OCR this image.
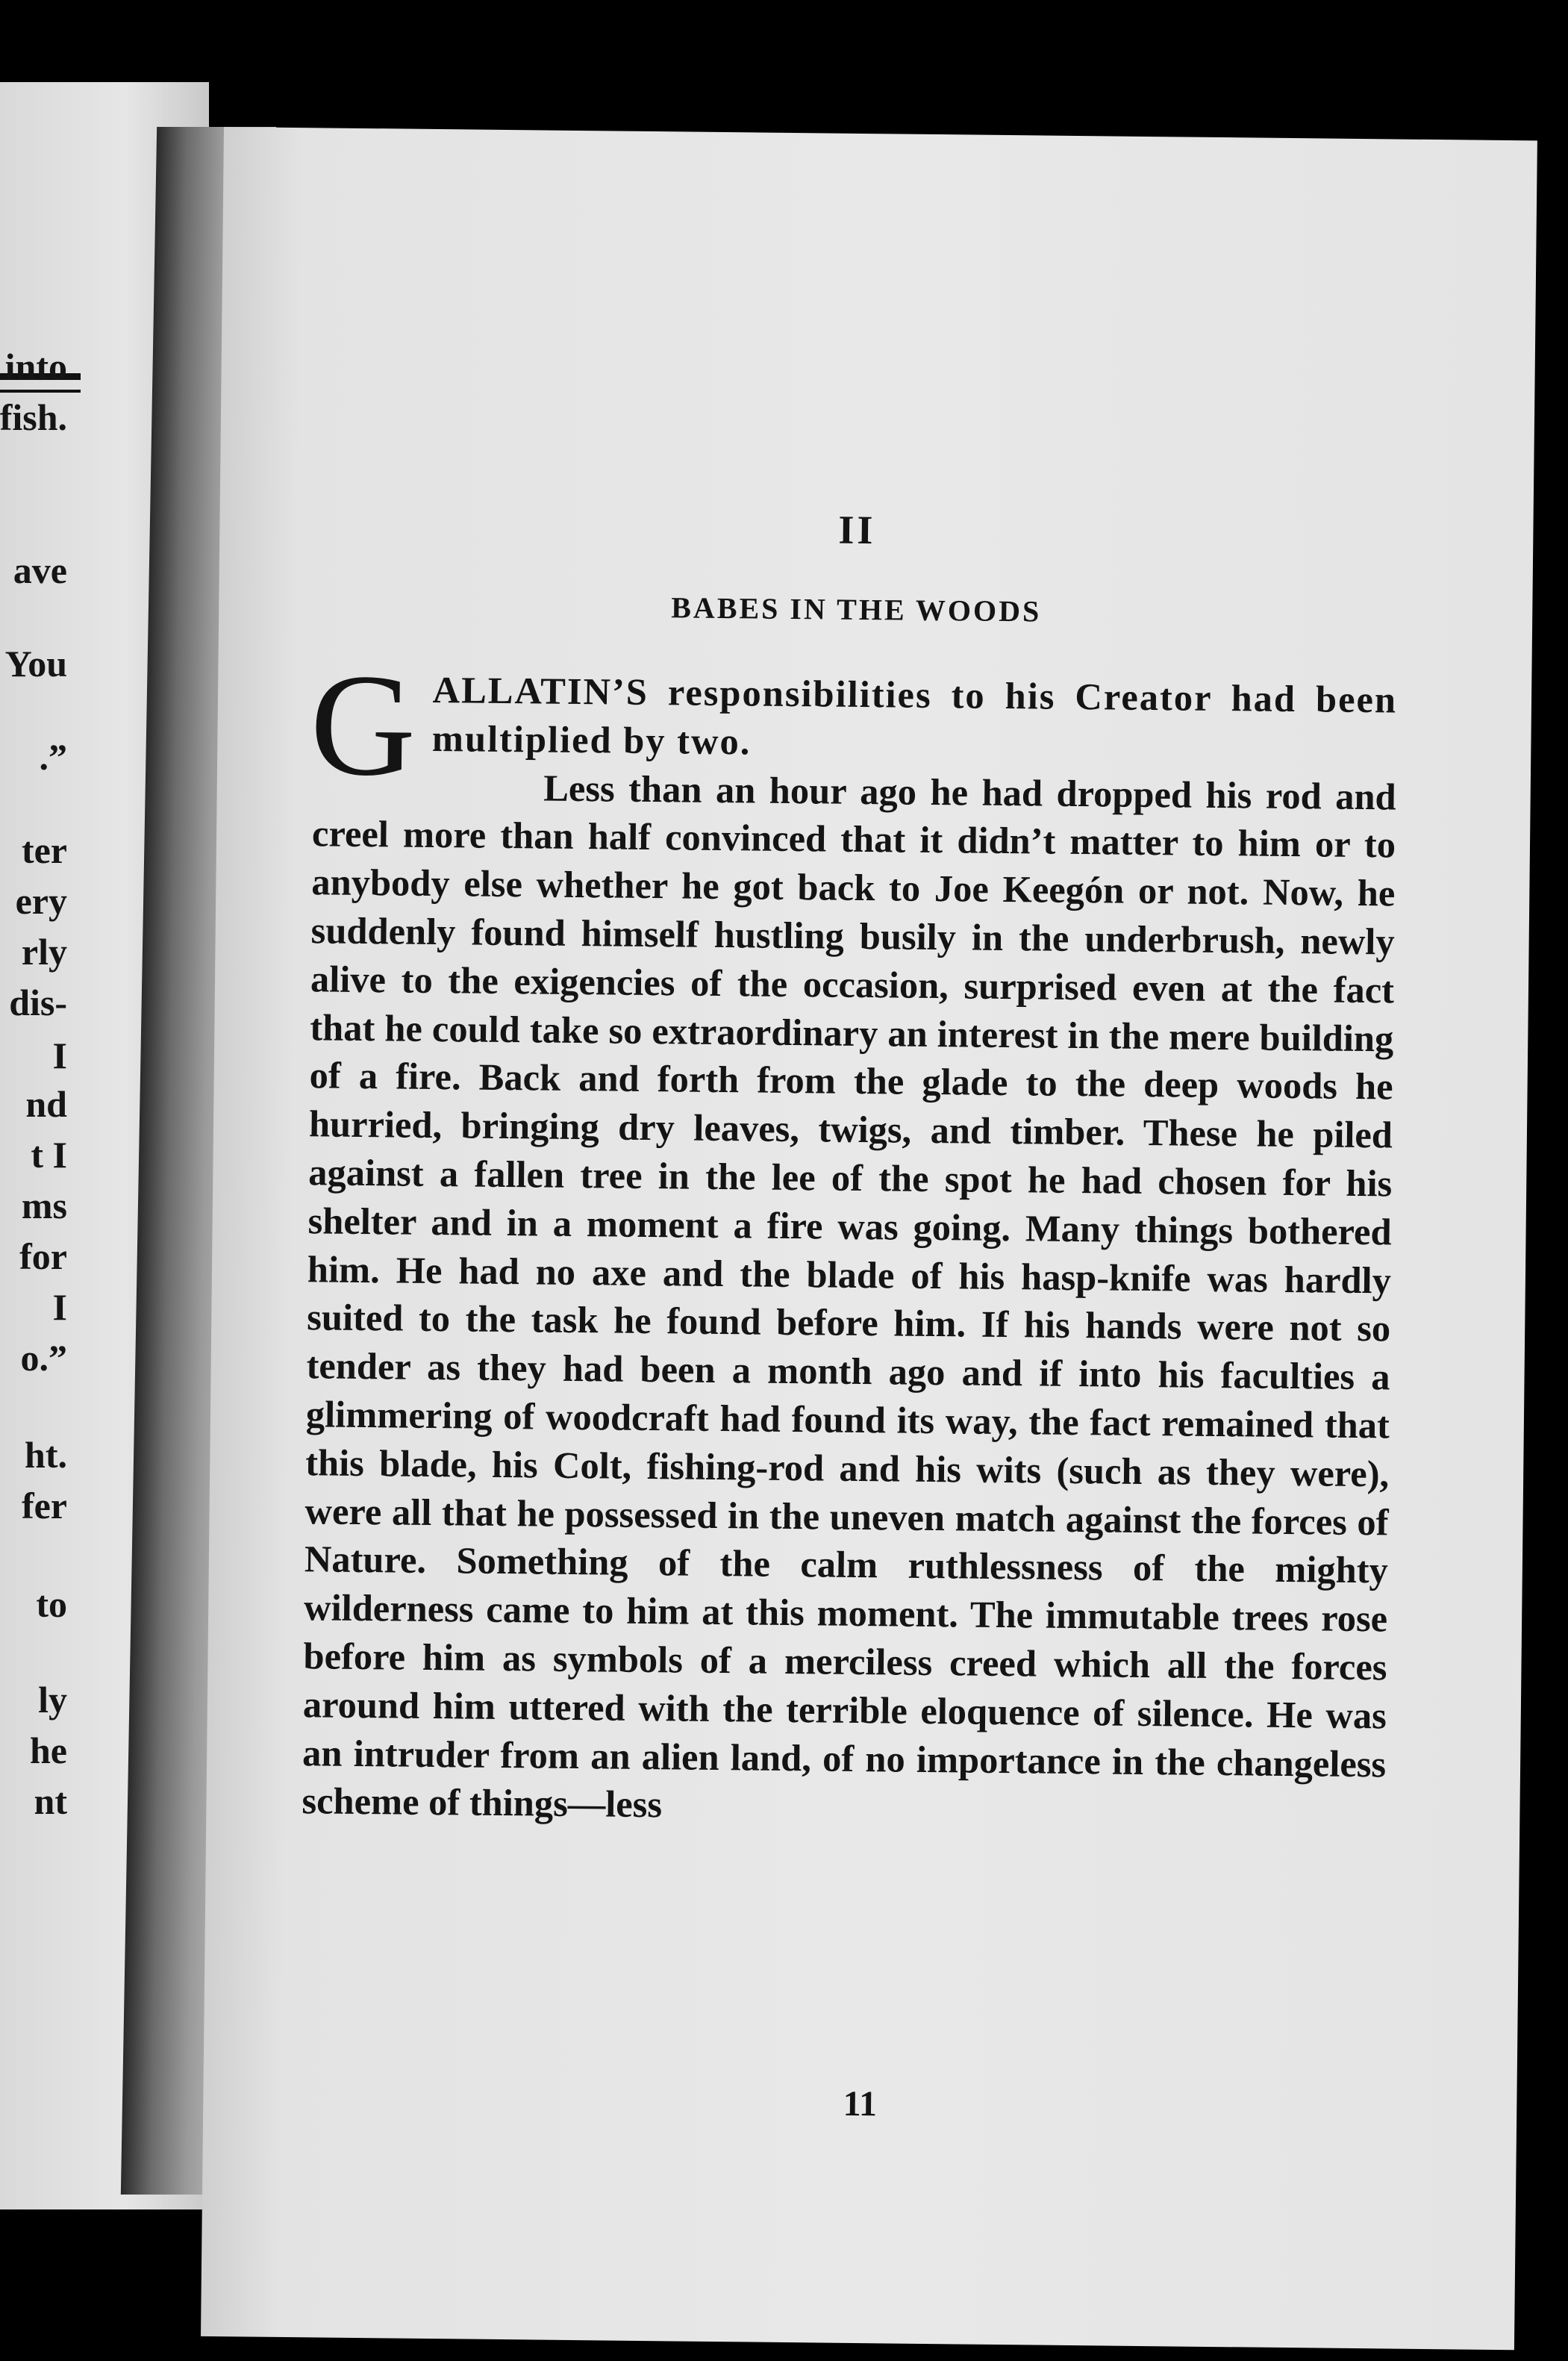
into
fish.
ave
You
.”
ter
ery
rly
dis-
I
nd
t I
ms
for
I
o.”
ht.
fer
to
ly
he
nt
II
BABES IN THE WOODS

GALLATIN’S responsibilities to his Creator had been multiplied by two.
Less than an hour ago he had dropped his rod and creel more than half convinced that it didn’t matter to him or to anybody else whether he got back to Joe Keegón or not. Now, he suddenly found himself hustling busily in the underbrush, newly alive to the exigencies of the occasion, surprised even at the fact that he could take so extraordinary an interest in the mere building of a fire. Back and forth from the glade to the deep woods he hurried, bringing dry leaves, twigs, and timber. These he piled against a fallen tree in the lee of the spot he had chosen for his shelter and in a moment a fire was going. Many things bothered him. He had no axe and the blade of his hasp-knife was hardly suited to the task he found before him. If his hands were not so tender as they had been a month ago and if into his faculties a glimmering of woodcraft had found its way, the fact remained that this blade, his Colt, fishing-rod and his wits (such as they were), were all that he possessed in the uneven match against the forces of Nature. Something of the calm ruthlessness of the mighty wilderness came to him at this moment. The immutable trees rose before him as symbols of a merciless creed which all the forces around him uttered with the terrible eloquence of silence. He was an intruder from an alien land, of no importance in the changeless scheme of things—less

11
